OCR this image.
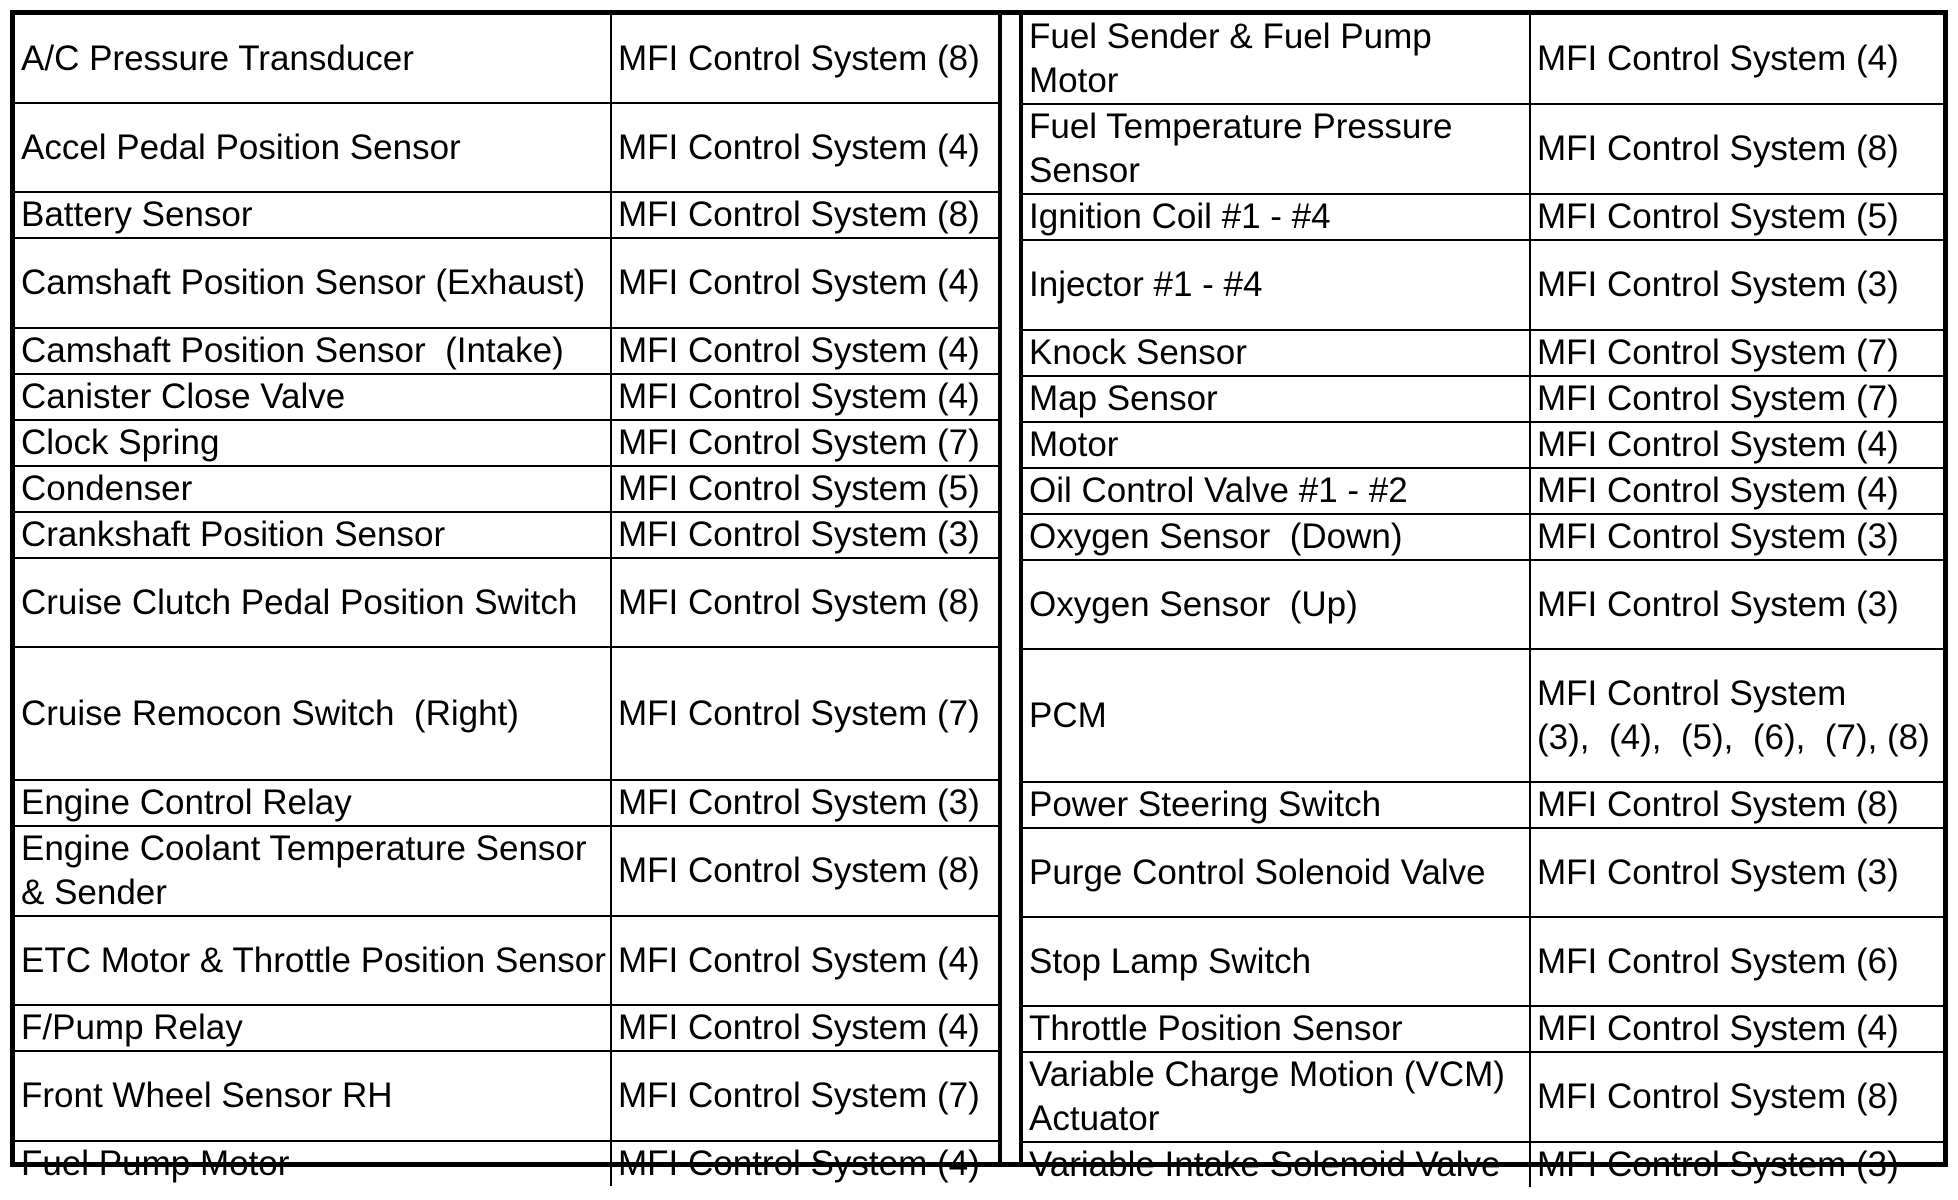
A/C Pressure Transducer	MFI Control System (8)
Accel Pedal Position Sensor	MFI Control System (4)
Battery Sensor	MFI Control System (8)
Camshaft Position Sensor (Exhaust)	MFI Control System (4)
Camshaft Position Sensor  (Intake)	MFI Control System (4)
Canister Close Valve	MFI Control System (4)
Clock Spring	MFI Control System (7)
Condenser	MFI Control System (5)
Crankshaft Position Sensor	MFI Control System (3)
Cruise Clutch Pedal Position Switch	MFI Control System (8)
Cruise Remocon Switch  (Right)	MFI Control System (7)
Engine Control Relay	MFI Control System (3)
Engine Coolant Temperature Sensor & Sender	MFI Control System (8)
ETC Motor & Throttle Position Sensor	MFI Control System (4)
F/Pump Relay	MFI Control System (4)
Front Wheel Sensor RH	MFI Control System (7)
Fuel Pump Motor	MFI Control System (4)
Fuel Sender & Fuel Pump Motor	MFI Control System (4)
Fuel Temperature Pressure Sensor	MFI Control System (8)
Ignition Coil #1 - #4	MFI Control System (5)
Injector #1 - #4	MFI Control System (3)
Knock Sensor	MFI Control System (7)
Map Sensor	MFI Control System (7)
Motor	MFI Control System (4)
Oil Control Valve #1 - #2	MFI Control System (4)
Oxygen Sensor  (Down)	MFI Control System (3)
Oxygen Sensor  (Up)	MFI Control System (3)
PCM	MFI Control System
(3),  (4),  (5),  (6),  (7), (8)
Power Steering Switch	MFI Control System (8)
Purge Control Solenoid Valve	MFI Control System (3)
Stop Lamp Switch	MFI Control System (6)
Throttle Position Sensor	MFI Control System (4)
Variable Charge Motion (VCM) Actuator	MFI Control System (8)
Variable Intake Solenoid Valve	MFI Control System (3)
